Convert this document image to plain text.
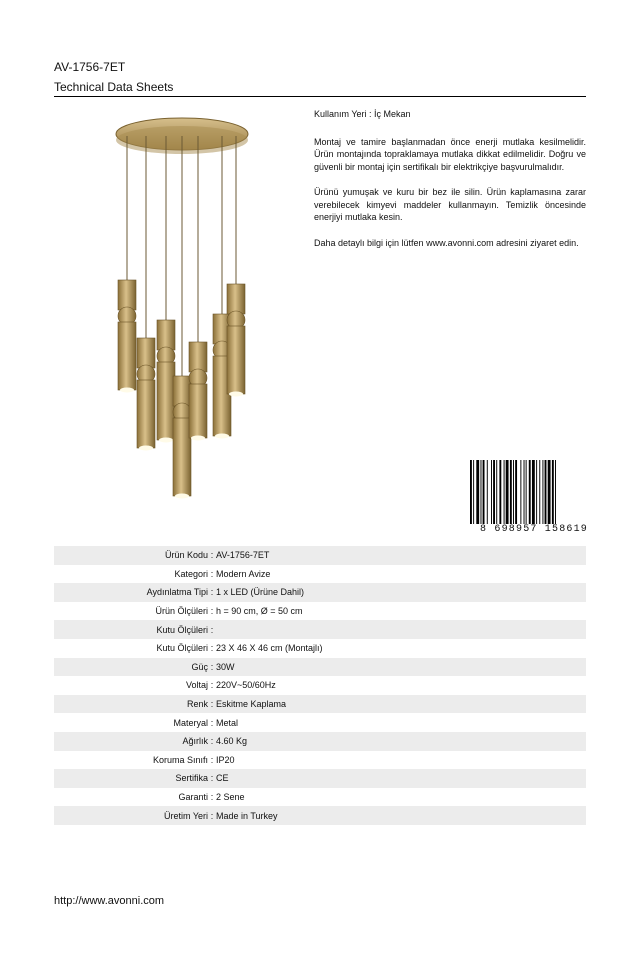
AV-1756-7ET
Technical Data Sheets

Kullanım Yeri : İç Mekan

Montaj ve tamire başlanmadan önce enerji mutlaka kesilmelidir. Ürün montajında topraklamaya mutlaka dikkat edilmelidir. Doğru ve güvenli bir montaj için sertifikalı bir elektrikçiye başvurulmalıdır.

Ürünü yumuşak ve kuru bir bez ile silin. Ürün kaplamasına zarar verebilecek kimyevi maddeler kullanmayın. Temizlik öncesinde enerjiyi mutlaka kesin.

Daha detaylı bilgi için lütfen www.avonni.com adresini ziyaret edin.

8 698957 158619
Ürün Kodu : AV-1756-7ET
Kategori : Modern Avize
Aydınlatma Tipi : 1 x LED (Ürüne Dahil)
Ürün Ölçüleri : h = 90 cm, Ø = 50 cm
Kutu Ölçüleri :
Kutu Ölçüleri : 23 X 46 X 46 cm (Montajlı)
Güç : 30W
Voltaj : 220V~50/60Hz
Renk : Eskitme Kaplama
Materyal : Metal
Ağırlık : 4.60 Kg
Koruma Sınıfı : IP20
Sertifika : CE
Garanti : 2 Sene
Üretim Yeri : Made in Turkey
http://www.avonni.com
